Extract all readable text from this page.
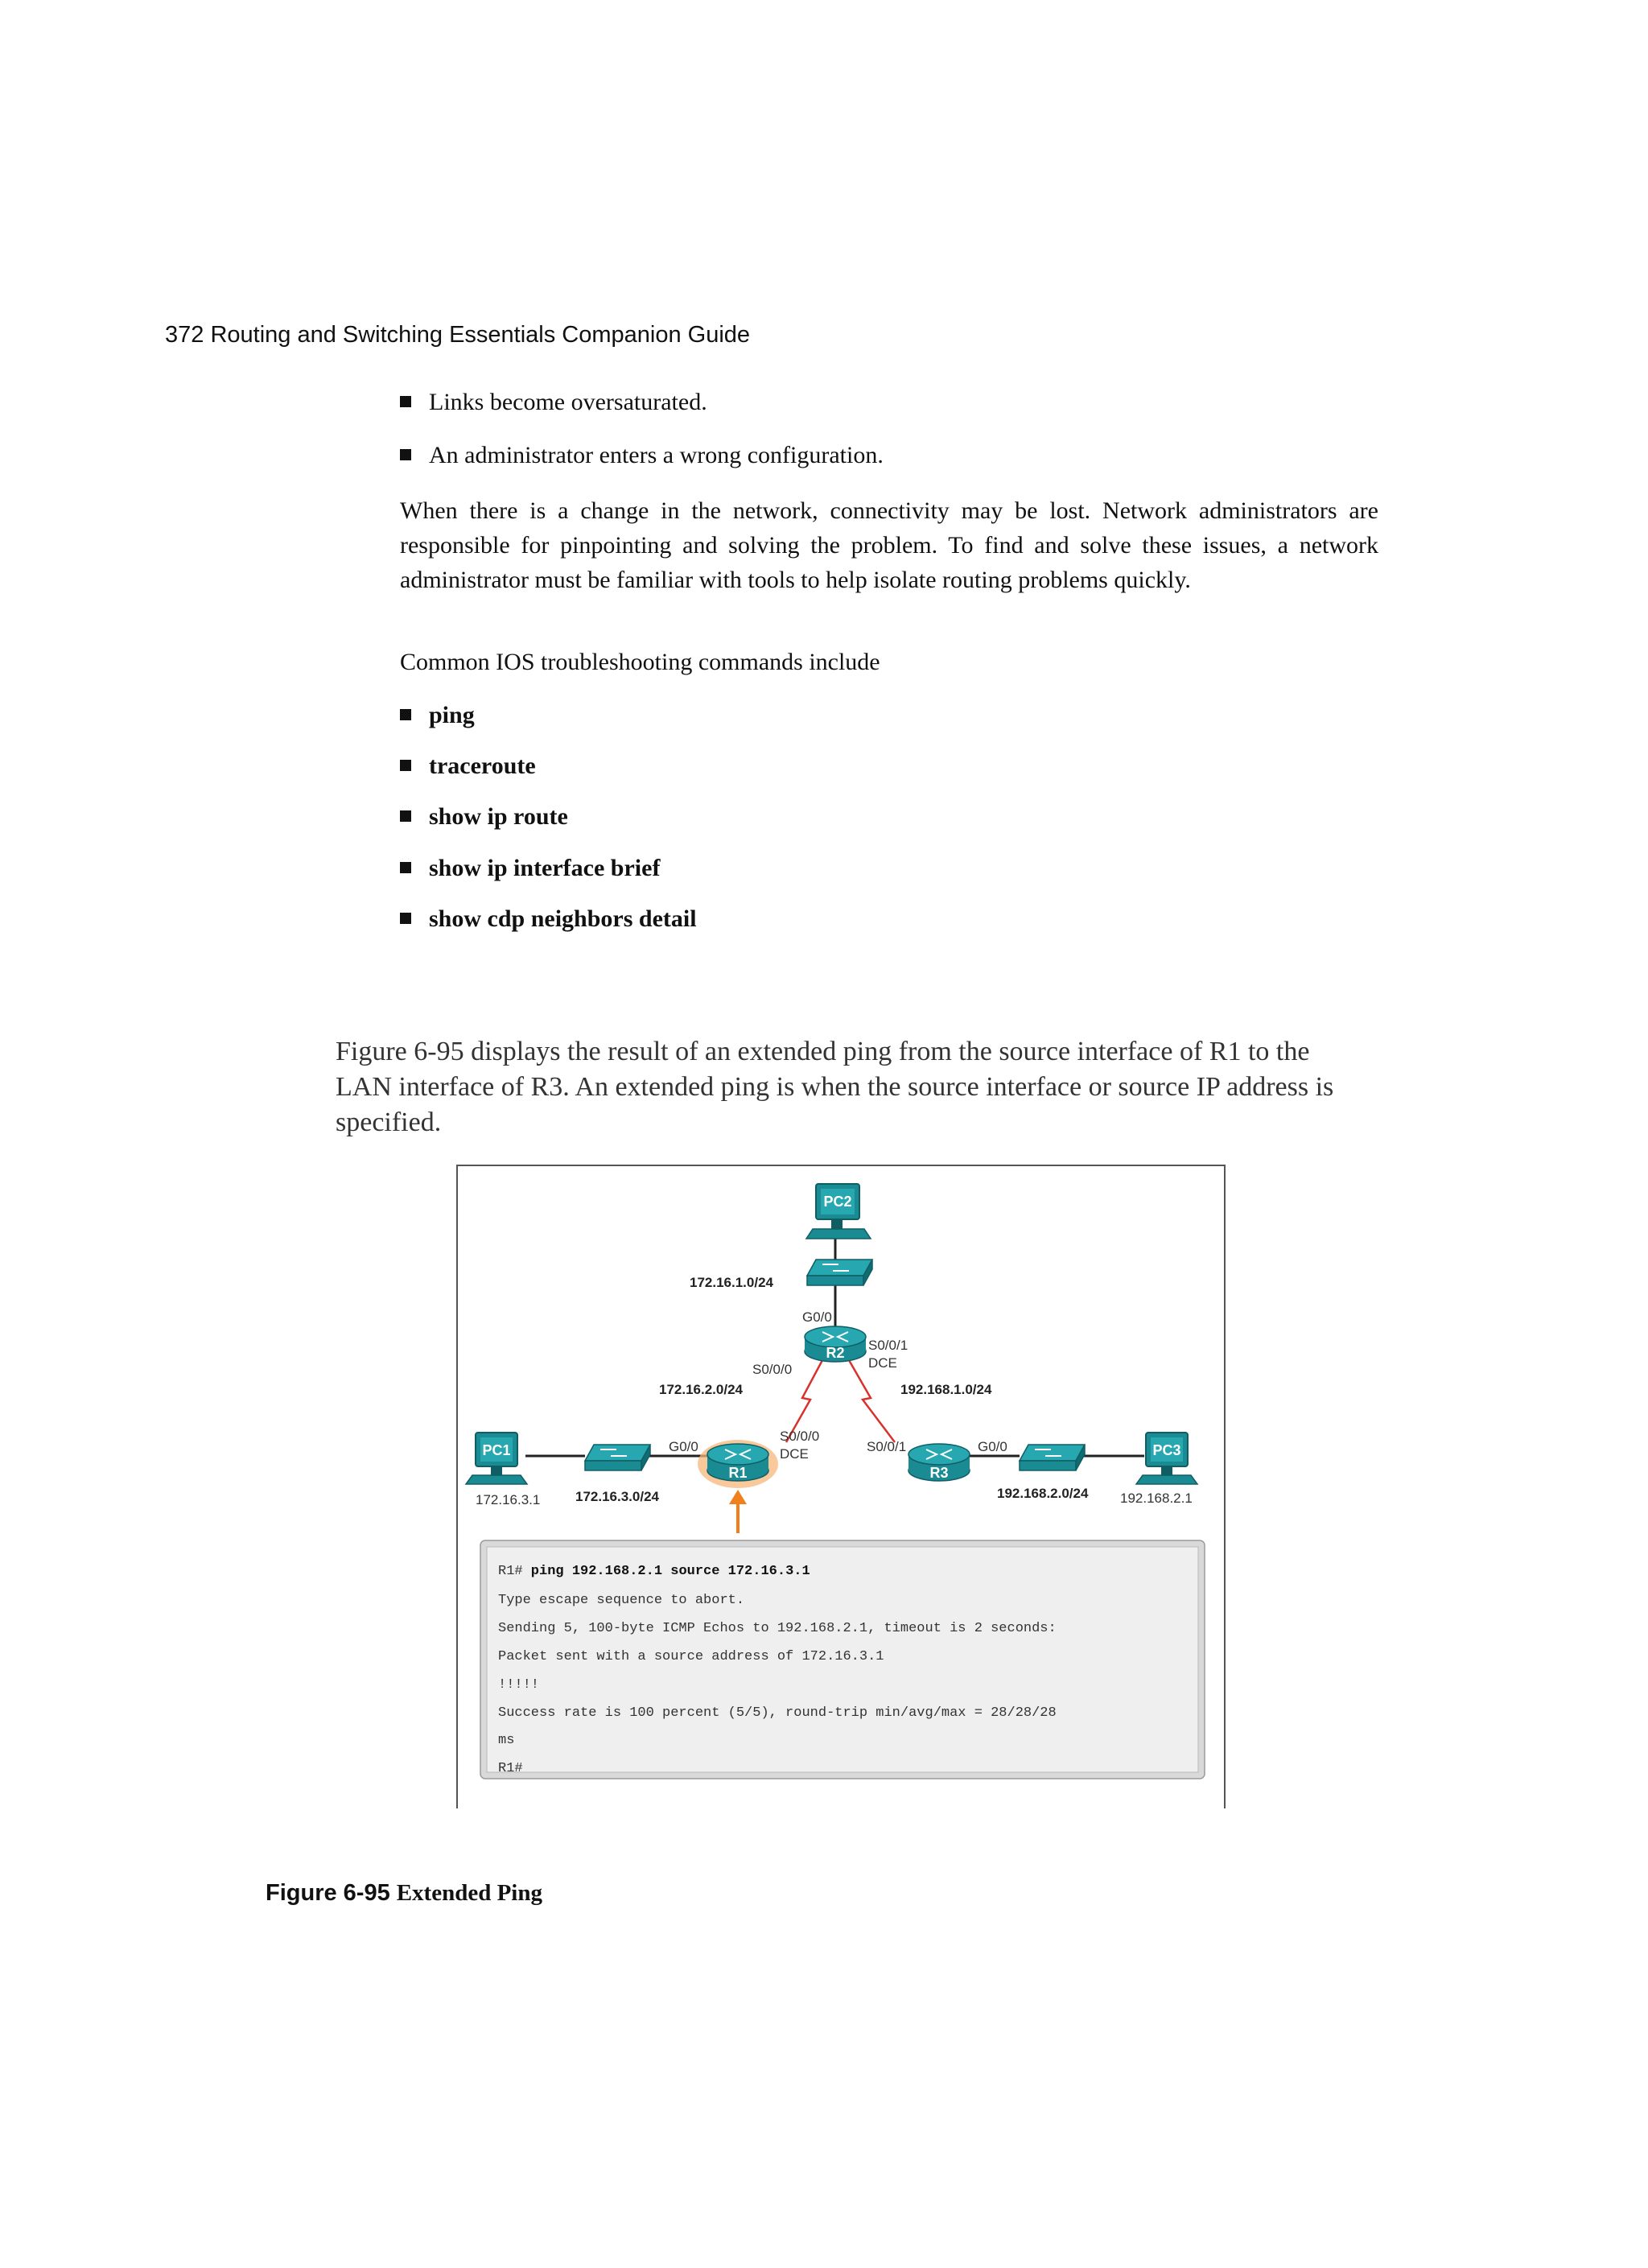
372 Routing and Switching Essentials Companion Guide
Links become oversaturated.
An administrator enters a wrong configuration.
When there is a change in the network, connectivity may be lost. Network administrators are responsible for pinpointing and solving the problem. To find and solve these issues, a network administrator must be familiar with tools to help isolate routing problems quickly.
Common IOS troubleshooting commands include
ping
traceroute
show ip route
show ip interface brief
show cdp neighbors detail
Figure 6-95 displays the result of an extended ping from the source interface of R1 to the LAN interface of R3. An extended ping is when the source interface or source IP address is specified.
PC2
172.16.1.0/24
G0/0
R2
S0/0/0
S0/0/1
DCE
172.16.2.0/24	192.168.1.0/24
PC1
172.16.3.1	172.16.3.0/24
G0/0
R1
S0/0/0
DCE	S0/0/1
R3
G0/0
192.168.2.0/24
PC3
192.168.2.1
R1# ping 192.168.2.1 source 172.16.3.1
Type escape sequence to abort.
Sending 5, 100-byte ICMP Echos to 192.168.2.1, timeout is 2 seconds:
Packet sent with a source address of 172.16.3.1
!!!!!
Success rate is 100 percent (5/5), round-trip min/avg/max = 28/28/28
ms
R1#
Figure 6-95 Extended Ping
